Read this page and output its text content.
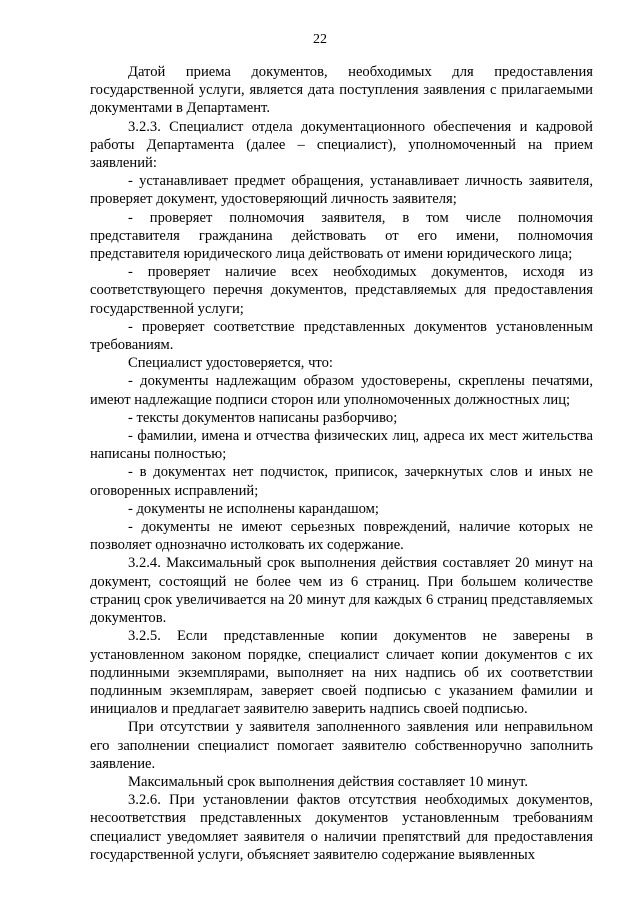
22

Датой приема документов, необходимых для предоставления государственной услуги, является дата поступления заявления с прилагаемыми документами в Департамент.

3.2.3. Специалист отдела документационного обеспечения и кадровой работы Департамента (далее – специалист), уполномоченный на прием заявлений:

- устанавливает предмет обращения, устанавливает личность заявителя, проверяет документ, удостоверяющий личность заявителя;

- проверяет полномочия заявителя, в том числе полномочия представителя гражданина действовать от его имени, полномочия представителя юридического лица действовать от имени юридического лица;

- проверяет наличие всех необходимых документов, исходя из соответствующего перечня документов, представляемых для предоставления государственной услуги;

- проверяет соответствие представленных документов установленным требованиям.

Специалист удостоверяется, что:

- документы надлежащим образом удостоверены, скреплены печатями, имеют надлежащие подписи сторон или уполномоченных должностных лиц;

- тексты документов написаны разборчиво;

- фамилии, имена и отчества физических лиц, адреса их мест жительства написаны полностью;

- в документах нет подчисток, приписок, зачеркнутых слов и иных не оговоренных исправлений;

- документы не исполнены карандашом;

- документы не имеют серьезных повреждений, наличие которых не позволяет однозначно истолковать их содержание.

3.2.4. Максимальный срок выполнения действия составляет 20 минут на документ, состоящий не более чем из 6 страниц. При большем количестве страниц срок увеличивается на 20 минут для каждых 6 страниц представляемых документов.

3.2.5. Если представленные копии документов не заверены в установленном законом порядке, специалист сличает копии документов с их подлинными экземплярами, выполняет на них надпись об их соответствии подлинным экземплярам, заверяет своей подписью с указанием фамилии и инициалов и предлагает заявителю заверить надпись своей подписью.

При отсутствии у заявителя заполненного заявления или неправильном его заполнении специалист помогает заявителю собственноручно заполнить заявление.

Максимальный срок выполнения действия составляет 10 минут.

3.2.6. При установлении фактов отсутствия необходимых документов, несоответствия представленных документов установленным требованиям специалист уведомляет заявителя о наличии препятствий для предоставления государственной услуги, объясняет заявителю содержание выявленных
